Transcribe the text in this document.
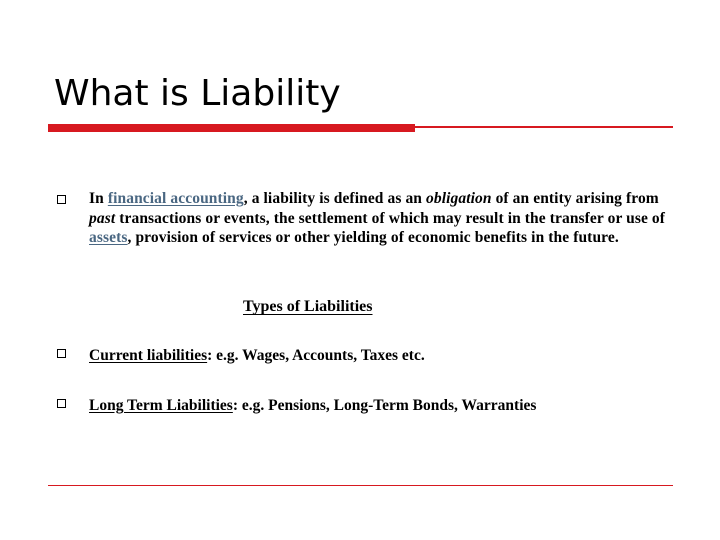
What is Liability
In financial accounting, a liability is defined as an obligation of an entity arising from past transactions or events, the settlement of which may result in the transfer or use of assets, provision of services or other yielding of economic benefits in the future.
Types of Liabilities
Current liabilities: e.g. Wages, Accounts, Taxes etc.
Long Term Liabilities: e.g. Pensions, Long-Term Bonds, Warranties
